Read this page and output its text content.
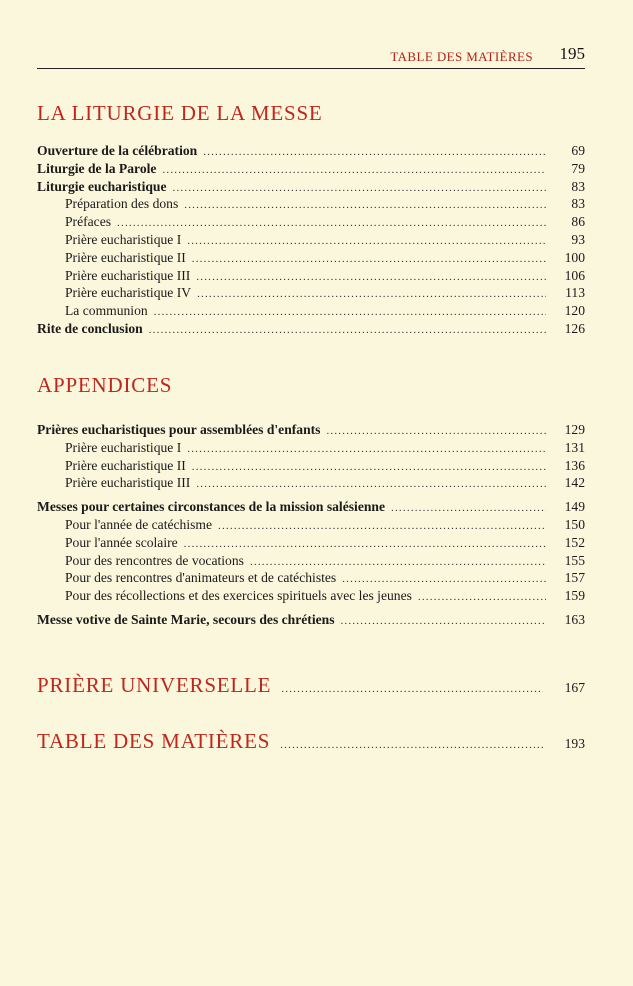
TABLE DES MATIÈRES 195
LA LITURGIE DE LA MESSE
Ouverture de la célébration .....	69
Liturgie de la Parole .....	79
Liturgie eucharistique .....	83
Préparation des dons .....	83
Préfaces .....	86
Prière eucharistique I .....	93
Prière eucharistique II .....	100
Prière eucharistique III .....	106
Prière eucharistique IV .....	113
La communion .....	120
Rite de conclusion .....	126
APPENDICES
Prières eucharistiques pour assemblées d'enfants .....	129
Prière eucharistique I .....	131
Prière eucharistique II .....	136
Prière eucharistique III .....	142
Messes pour certaines circonstances de la mission salésienne .....	149
Pour l'année de catéchisme .....	150
Pour l'année scolaire .....	152
Pour des rencontres de vocations .....	155
Pour des rencontres d'animateurs et de catéchistes .....	157
Pour des récollections et des exercices spirituels avec les jeunes .....	159
Messe votive de Sainte Marie, secours des chrétiens .....	163
PRIÈRE UNIVERSELLE .....	167
TABLE DES MATIÈRES .....	193
